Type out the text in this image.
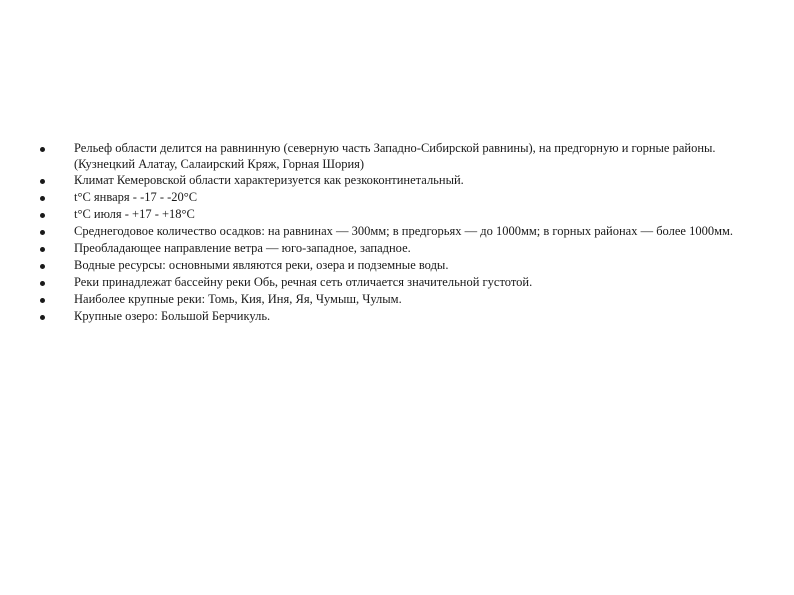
Рельеф области делится на равнинную (северную часть Западно-Сибирской равнины), на предгорную и горные районы. (Кузнецкий Алатау, Салаирский Кряж, Горная Шория)
Климат Кемеровской области характеризуется как резкоконтинетальный.
t°C января - -17 - -20°C
t°C июля - +17 - +18°C
Среднегодовое количество осадков: на равнинах — 300мм; в предгорьях — до 1000мм; в горных районах — более 1000мм.
Преобладающее направление ветра — юго-западное, западное.
Водные ресурсы: основными являются реки, озера и подземные воды.
Реки принадлежат бассейну реки Обь, речная сеть отличается значительной густотой.
Наиболее крупные реки: Томь, Кия, Иня, Яя, Чумыш, Чулым.
Крупные озеро: Большой Берчикуль.
